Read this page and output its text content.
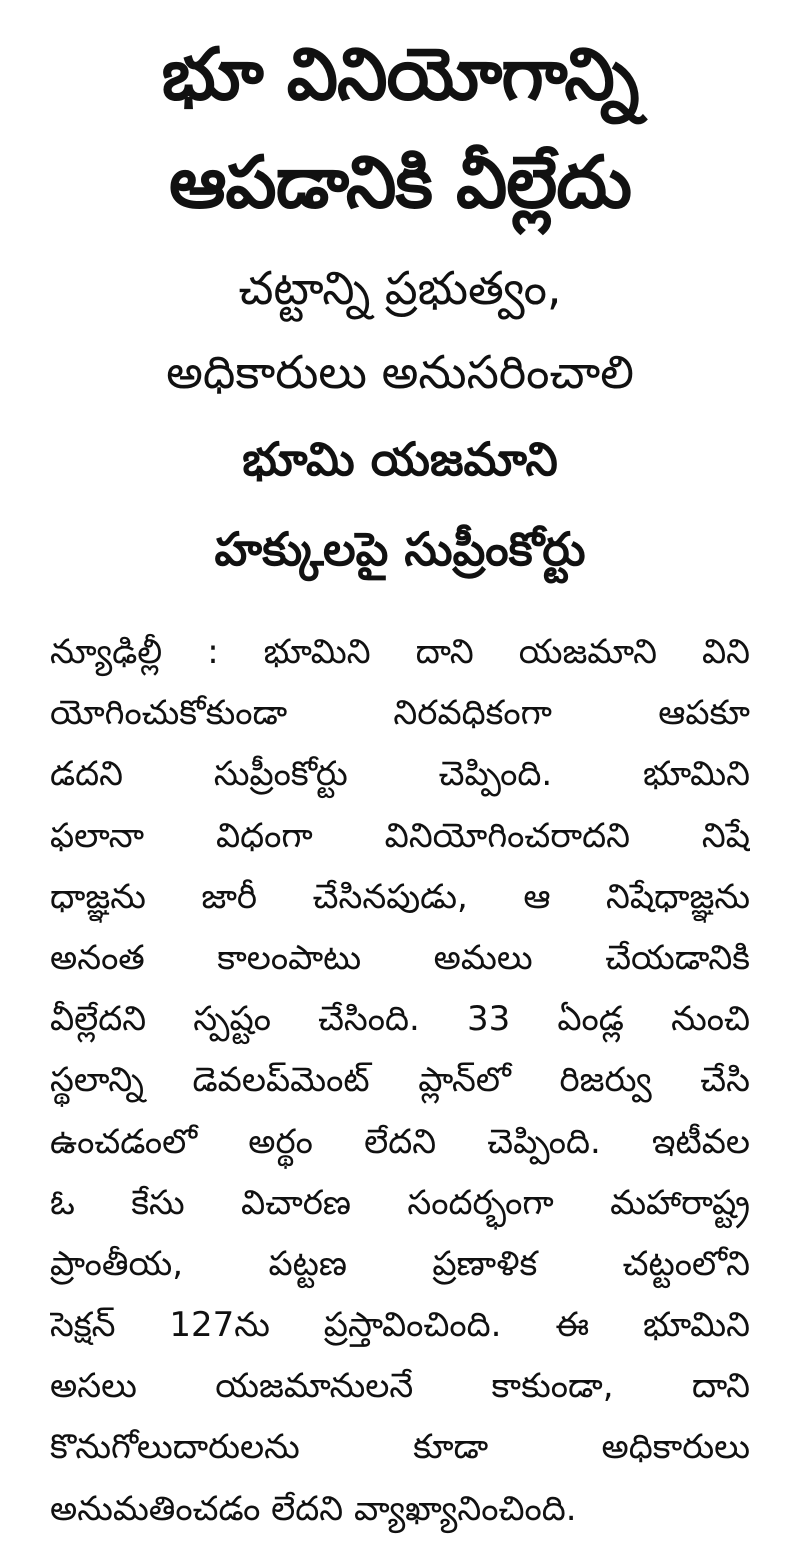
భూ వినియోగాన్ని
ఆపడానికి వీల్లేదు
చట్టాన్ని ప్రభుత్వం,
అధికారులు అనుసరించాలి
భూమి యజమాని
హక్కులపై సుప్రీంకోర్టు
న్యూఢిల్లీ : భూమిని దాని యజమాని విని
యోగించుకోకుండా నిరవధికంగా ఆపకూ
డదని సుప్రీంకోర్టు చెప్పింది. భూమిని
ఫలానా విధంగా వినియోగించరాదని నిషే
ధాజ్ఞను జారీ చేసినపుడు, ఆ నిషేధాజ్ఞను
అనంత కాలంపాటు అమలు చేయడానికి
వీల్లేదని స్పష్టం చేసింది. 33 ఏండ్ల నుంచి
స్థలాన్ని డెవలప్‌మెంట్ ప్లాన్‌లో రిజర్వు చేసి
ఉంచడంలో అర్థం లేదని చెప్పింది. ఇటీవల
ఓ కేసు విచారణ సందర్భంగా మహారాష్ట్ర
ప్రాంతీయ, పట్టణ ప్రణాళిక చట్టంలోని
సెక్షన్ 127ను ప్రస్తావించింది. ఈ భూమిని
అసలు యజమానులనే కాకుండా, దాని
కొనుగోలుదారులను కూడా అధికారులు
అనుమతించడం లేదని వ్యాఖ్యానించింది.
